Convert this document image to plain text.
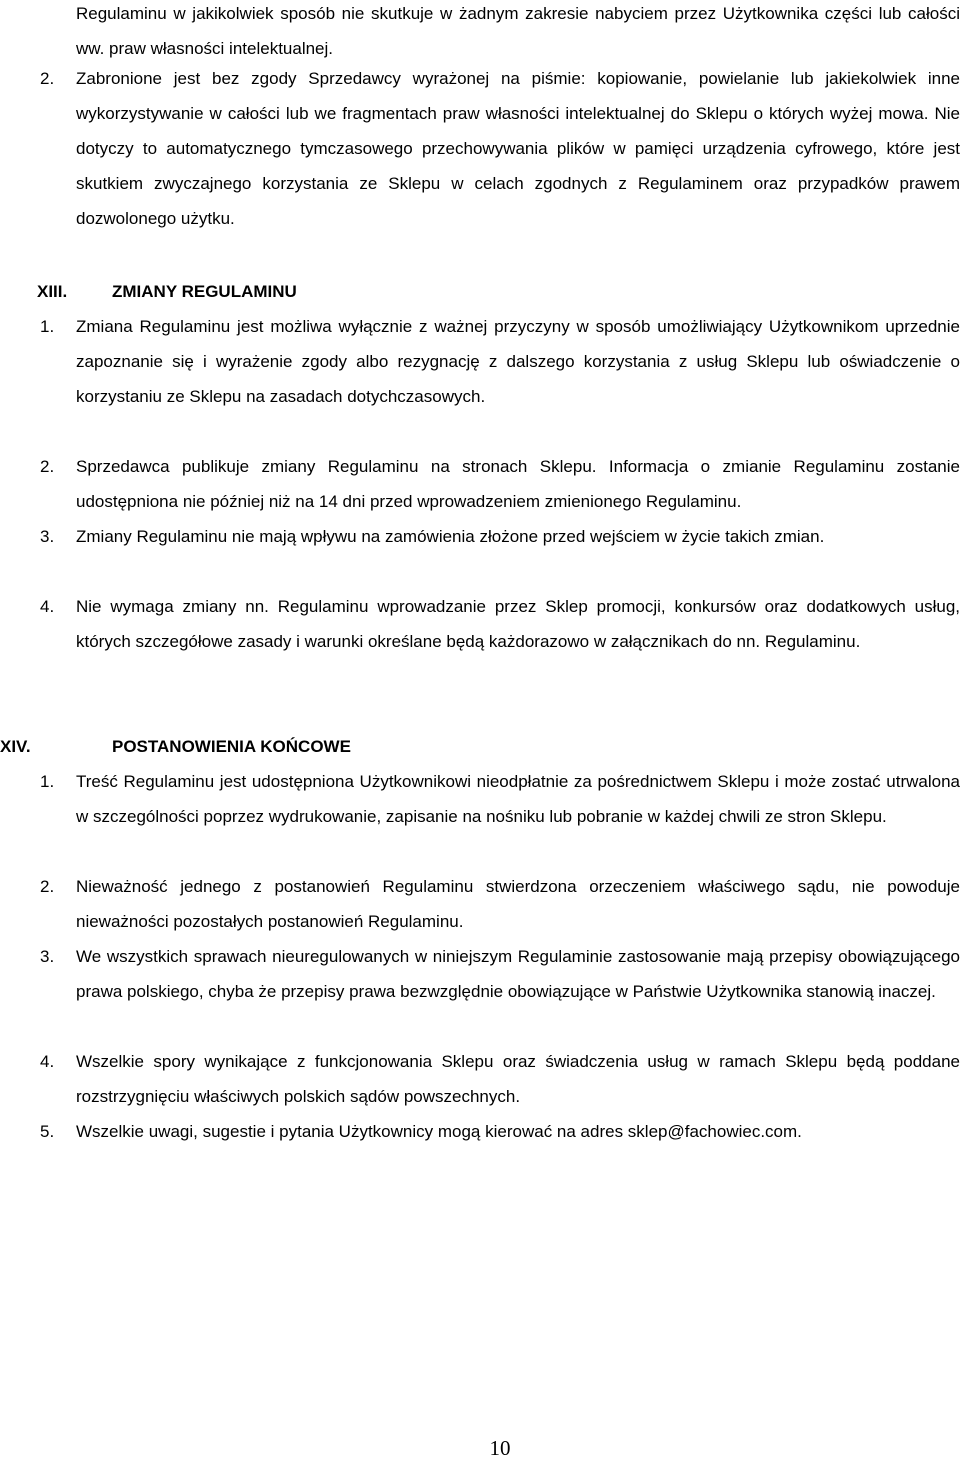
Regulaminu w jakikolwiek sposób nie skutkuje w żadnym zakresie nabyciem przez Użytkownika części lub całości ww. praw własności intelektualnej.

2. Zabronione jest bez zgody Sprzedawcy wyrażonej na piśmie: kopiowanie, powielanie lub jakiekolwiek inne wykorzystywanie w całości lub we fragmentach praw własności intelektualnej do Sklepu o których wyżej mowa. Nie dotyczy to automatycznego tymczasowego przechowywania plików w pamięci urządzenia cyfrowego, które jest skutkiem zwyczajnego korzystania ze Sklepu w celach zgodnych z Regulaminem oraz przypadków prawem dozwolonego użytku.

XIII.	ZMIANY REGULAMINU
1. Zmiana Regulaminu jest możliwa wyłącznie z ważnej przyczyny w sposób umożliwiający Użytkownikom uprzednie zapoznanie się i wyrażenie zgody albo rezygnację z dalszego korzystania z usług Sklepu lub oświadczenie o korzystaniu ze Sklepu na zasadach dotychczasowych.

2. Sprzedawca publikuje zmiany Regulaminu na stronach Sklepu. Informacja o zmianie Regulaminu zostanie udostępniona nie później niż na 14 dni przed wprowadzeniem zmienionego Regulaminu.

3. Zmiany Regulaminu nie mają wpływu na zamówienia złożone przed wejściem w życie takich zmian.

4. Nie wymaga zmiany nn. Regulaminu wprowadzanie przez Sklep promocji, konkursów oraz dodatkowych usług, których szczegółowe zasady i warunki określane będą każdorazowo w załącznikach do nn. Regulaminu.

XIV.	POSTANOWIENIA KOŃCOWE
1. Treść Regulaminu jest udostępniona Użytkownikowi nieodpłatnie za pośrednictwem Sklepu i może zostać utrwalona w szczególności poprzez wydrukowanie, zapisanie na nośniku lub pobranie w każdej chwili ze stron Sklepu.

2. Nieważność jednego z postanowień Regulaminu stwierdzona orzeczeniem właściwego sądu, nie powoduje nieważności pozostałych postanowień Regulaminu.

3. We wszystkich sprawach nieuregulowanych w niniejszym Regulaminie zastosowanie mają przepisy obowiązującego prawa polskiego, chyba że przepisy prawa bezwzględnie obowiązujące w Państwie Użytkownika stanowią inaczej.

4. Wszelkie spory wynikające z funkcjonowania Sklepu oraz świadczenia usług w ramach Sklepu będą poddane rozstrzygnięciu właściwych polskich sądów powszechnych.

5. Wszelkie uwagi, sugestie i pytania Użytkownicy mogą kierować na adres sklep@fachowiec.com.

10
